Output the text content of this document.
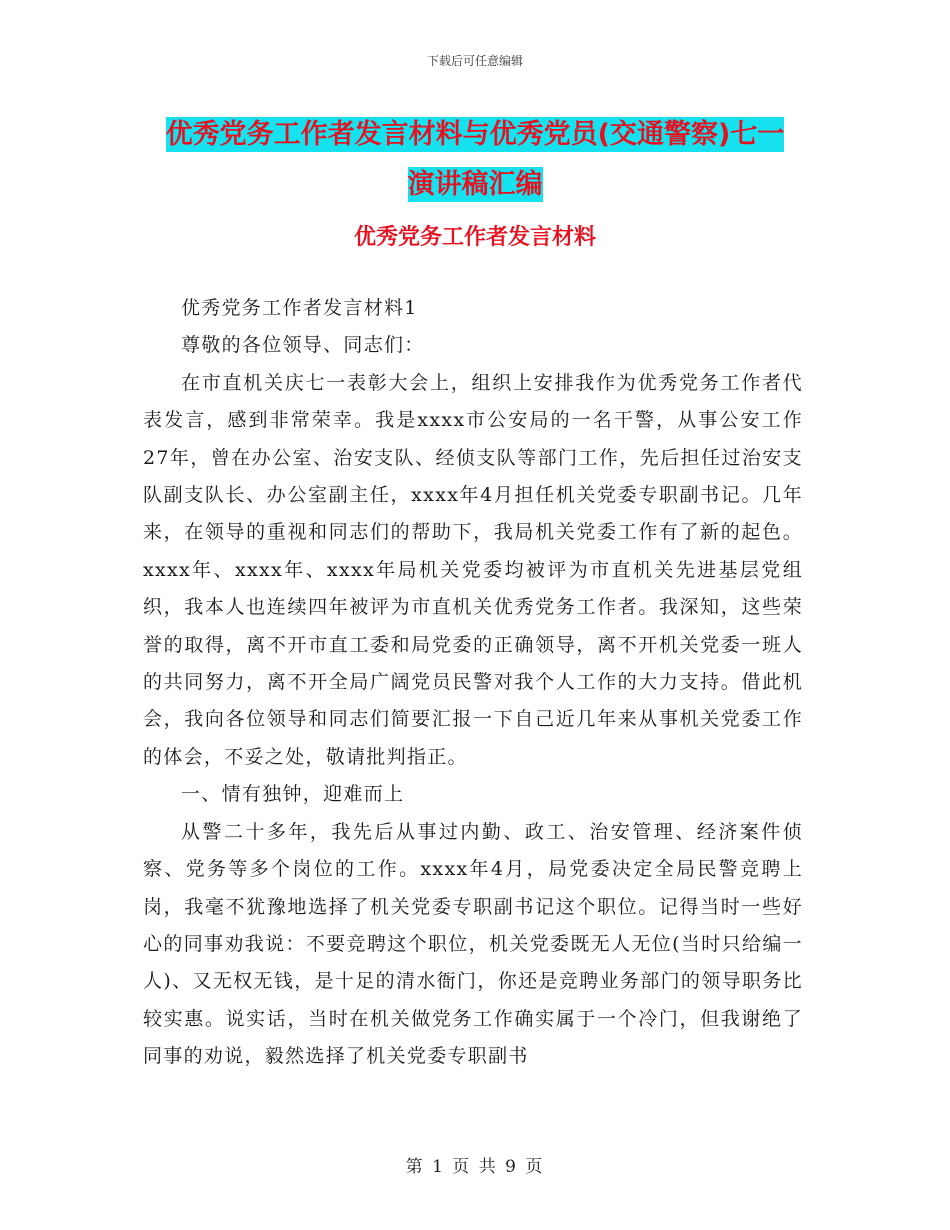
下载后可任意编辑
优秀党务工作者发言材料与优秀党员(交通警察)七一
演讲稿汇编
优秀党务工作者发言材料

优秀党务工作者发言材料1

尊敬的各位领导、同志们：

在市直机关庆七一表彰大会上，组织上安排我作为优秀党务工作者代表发言，感到非常荣幸。我是xxxx市公安局的一名干警，从事公安工作27年，曾在办公室、治安支队、经侦支队等部门工作，先后担任过治安支队副支队长、办公室副主任，xxxx年4月担任机关党委专职副书记。几年来，在领导的重视和同志们的帮助下，我局机关党委工作有了新的起色。xxxx年、xxxx年、xxxx年局机关党委均被评为市直机关先进基层党组织，我本人也连续四年被评为市直机关优秀党务工作者。我深知，这些荣誉的取得，离不开市直工委和局党委的正确领导，离不开机关党委一班人的共同努力，离不开全局广阔党员民警对我个人工作的大力支持。借此机会，我向各位领导和同志们简要汇报一下自己近几年来从事机关党委工作的体会，不妥之处，敬请批判指正。

一、情有独钟，迎难而上

从警二十多年，我先后从事过内勤、政工、治安管理、经济案件侦察、党务等多个岗位的工作。xxxx年4月，局党委决定全局民警竞聘上岗，我毫不犹豫地选择了机关党委专职副书记这个职位。记得当时一些好心的同事劝我说：不要竞聘这个职位，机关党委既无人无位(当时只给编一人)、又无权无钱，是十足的清水衙门，你还是竞聘业务部门的领导职务比较实惠。说实话，当时在机关做党务工作确实属于一个冷门，但我谢绝了同事的劝说，毅然选择了机关党委专职副书

第 1 页 共 9 页
